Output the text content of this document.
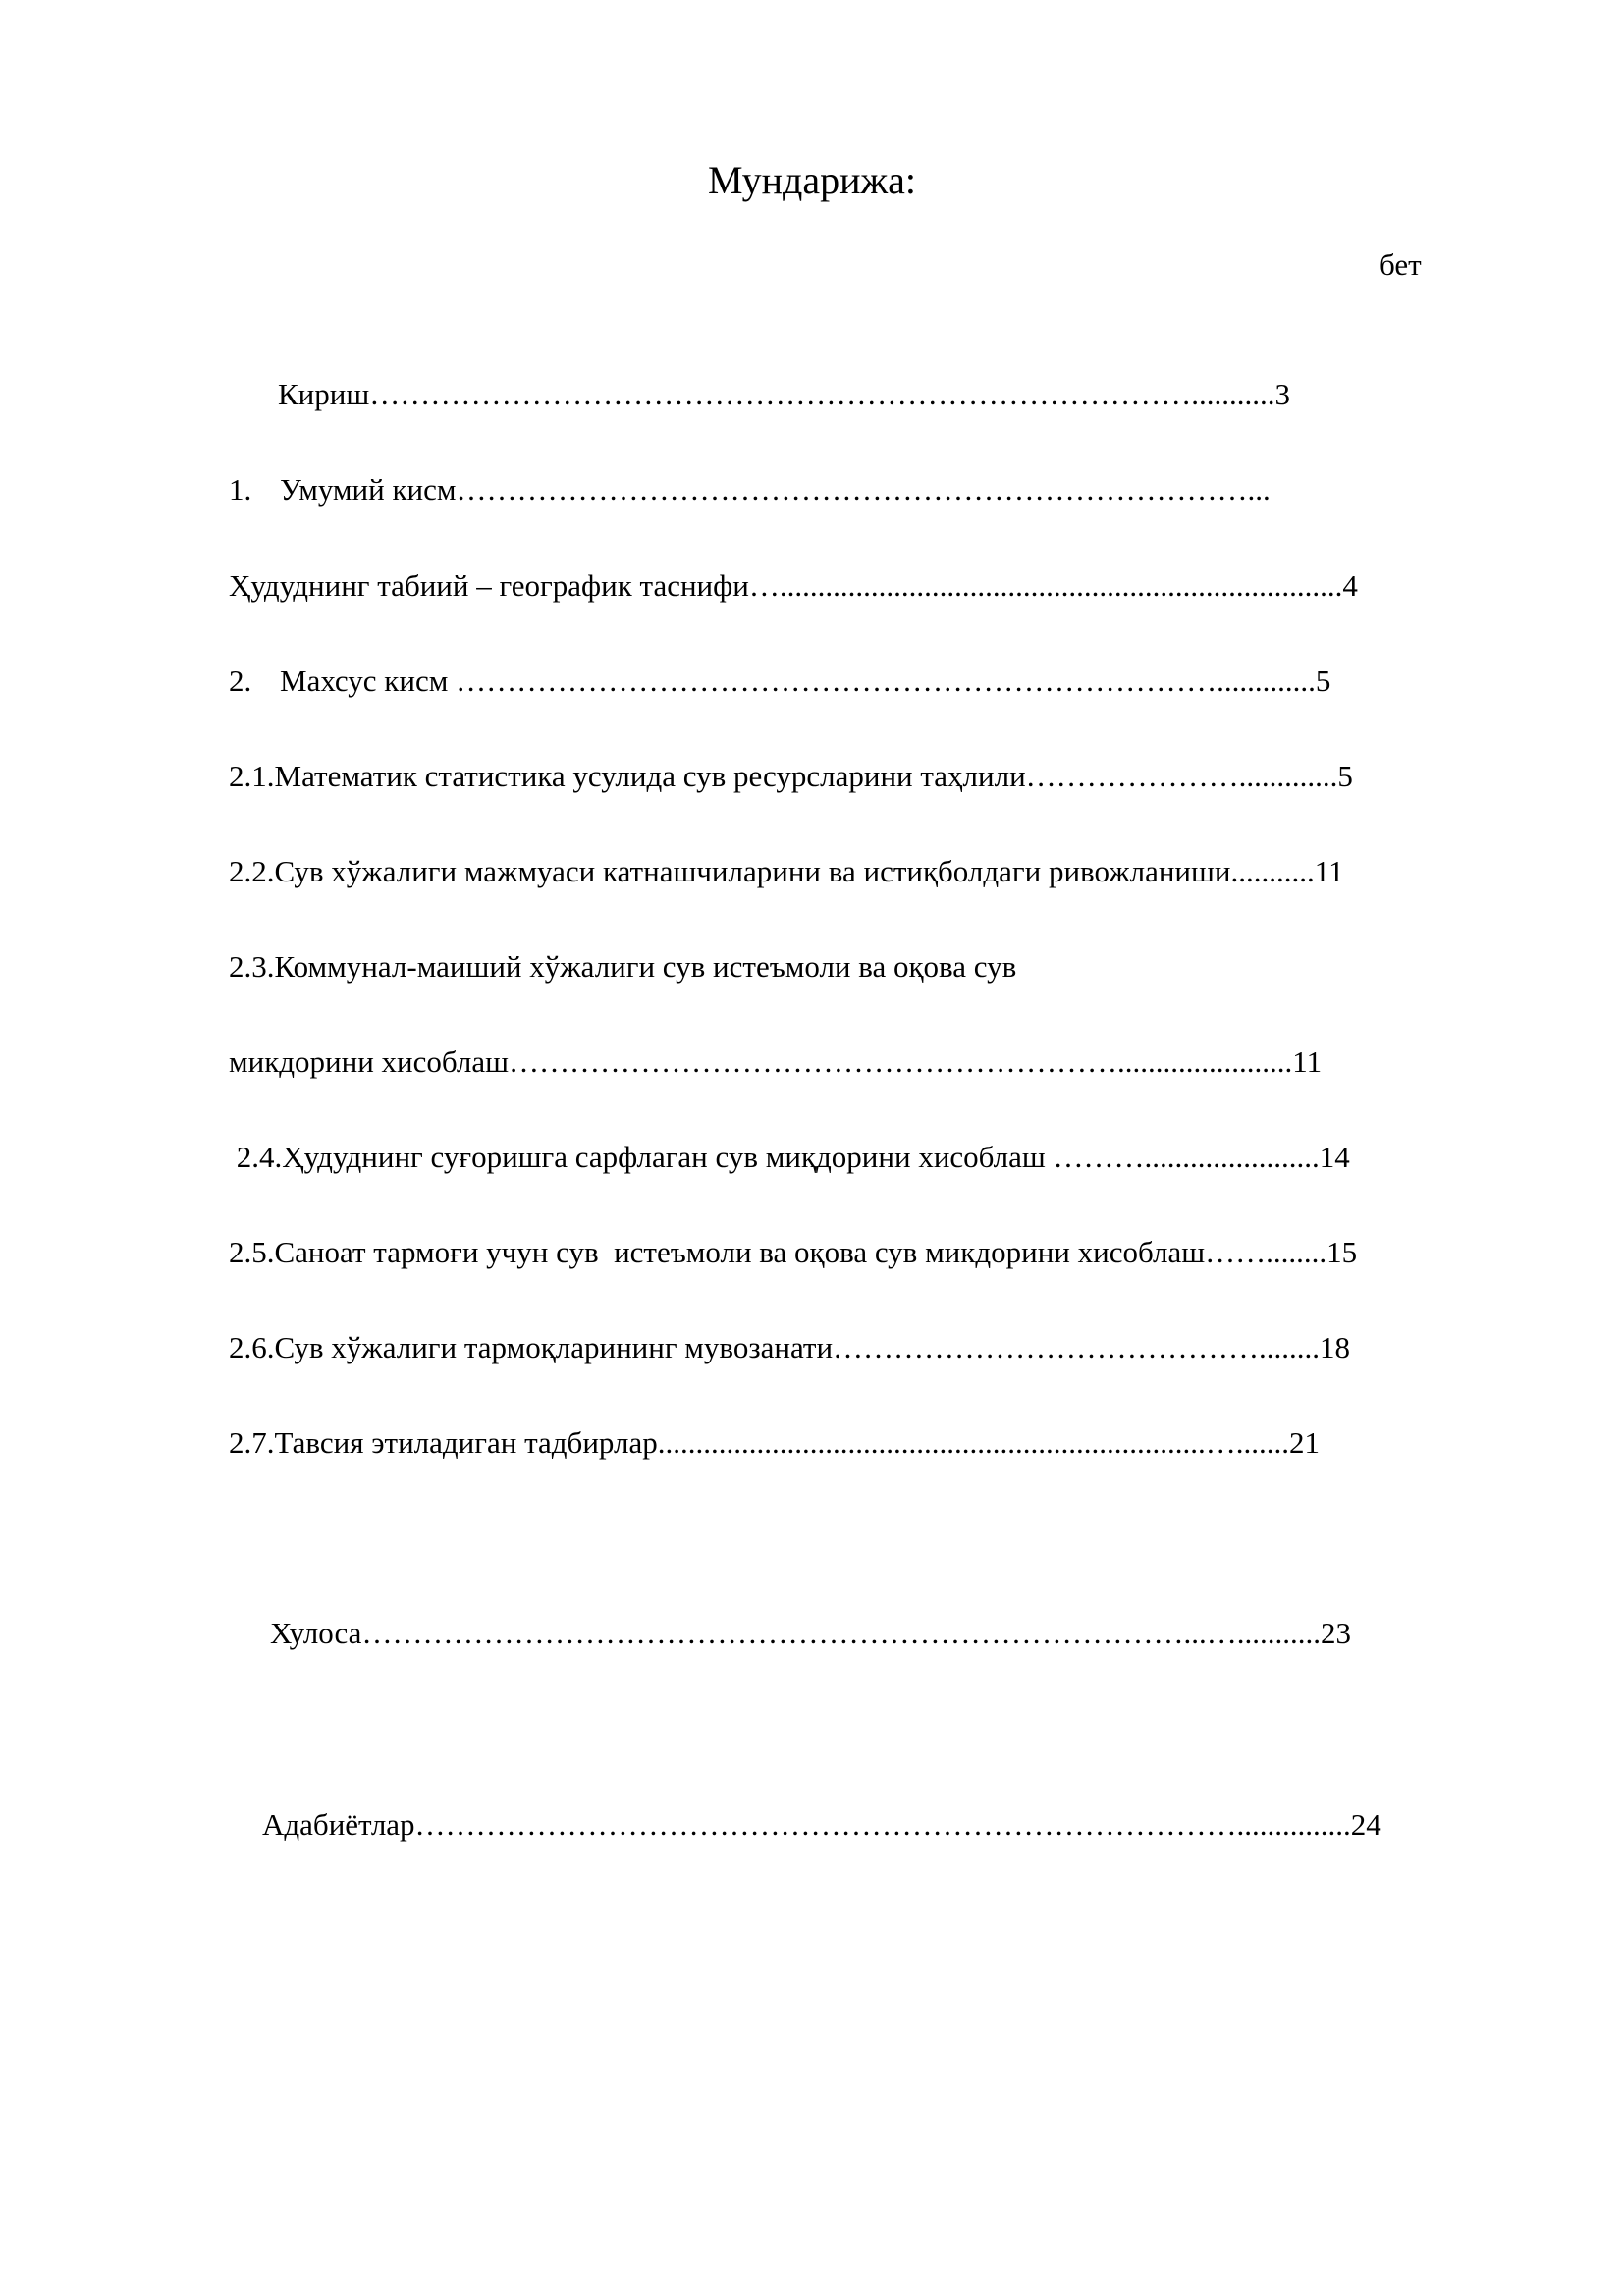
Мундарижа:
бет

Кириш………………………………………………………………………...........3

1. Умумий кисм……………………………………………………………………...

Ҳудуднинг табиий – географик таснифи…..........................................................................4

2. Махсус кисм ………………………………………………………………….............5

2.1.Математик статистика усулида сув ресурсларини таҳлили………………….............5

2.2.Сув хўжалиги мажмуаси катнашчиларини ва истиқболдаги ривожланиши...........11

2.3.Коммунал-маиший хўжалиги сув истеъмоли ва оқова сув

микдорини хисоблаш…………………………………………………….......................11

2.4.Ҳудуднинг суғоришга сарфлаган сув миқдорини хисоблаш ……….......................14

2.5.Саноат тармоғи учун сув  истеъмоли ва оқова сув микдорини хисоблаш……........15

2.6.Сув хўжалиги тармоқларининг мувозанати……………………………………........18

2.7.Тавсия этиладиган тадбирлар........................................................................….......21

Хулоса………………………………………………………………………...…...........23

Адабиётлар………………………………………………………………………...............24
